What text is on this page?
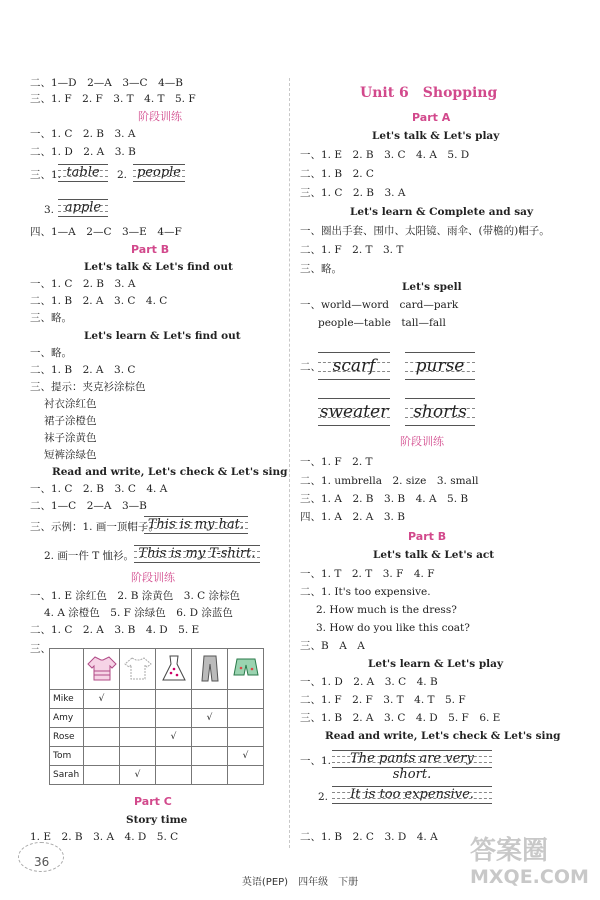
二、1—D　2—A　3—C　4—B
三、1. F　2. F　3. T　4. T　5. F
阶段训练
一、1. C　2. B　3. A
二、1. D　2. A　3. B
三、1. table	2. people
3. apple
四、1—A　2—C　3—E　4—F
Part B
Let's talk & Let's find out
一、1. C　2. B　3. A
二、1. B　2. A　3. C　4. C
三、略。
Let's learn & Let's find out
一、略。
二、1. B　2. A　3. C
三、提示：夹克衫涂棕色
衬衣涂红色
裙子涂橙色
袜子涂黄色
短裤涂绿色
Read and write, Let's check & Let's sing
一、1. C　2. B　3. C　4. A
二、1—C　2—A　3—B
三、示例：1. 画一顶帽子。
This is my hat.
2. 画一件 T 恤衫。 This is my T-shirt.
阶段训练
一、1. E 涂红色　2. B 涂黄色　3. C 涂棕色
4. A 涂橙色　5. F 涂绿色　6. D 涂蓝色
二、1. C　2. A　3. B　4. D　5. E
三、

Mike	√				
Amy				√	
Rose			√		
Tom					√
Sarah		√			
Part C
Story time
1. E　2. B　3. A　4. D　5. C
Unit 6　Shopping
Part A
Let's talk & Let's play
一、1. E　2. B　3. C　4. A　5. D
二、1. B　2. C
三、1. C　2. B　3. A
Let's learn & Complete and say
一、圈出手套、围巾、太阳镜、雨伞、(带檐的)帽子。
二、1. F　2. T　3. T
三、略。
Let's spell
一、world—word　card—park
people—table　tall—fall
二、 scarf	purse
sweater	shorts
阶段训练
一、1. F　2. T
二、1. umbrella　2. size　3. small
三、1. A　2. B　3. B　4. A　5. B
四、1. A　2. A　3. B
Part B
Let's talk & Let's act
一、1. T　2. T　3. F　4. F
二、1. It's too expensive.
2. How much is the dress?
3. How do you like this coat?
三、B　A　A
Let's learn & Let's play
一、1. D　2. A　3. C　4. B
二、1. F　2. F　3. T　4. T　5. F
三、1. B　2. A　3. C　4. D　5. F　6. E
Read and write, Let's check & Let's sing
一、1.	The pants are very short.
2.	It is too expensive.
二、1. B　2. C　3. D　4. A
36
英语(PEP)　四年级　下册
答案圈
MXQE.COM
